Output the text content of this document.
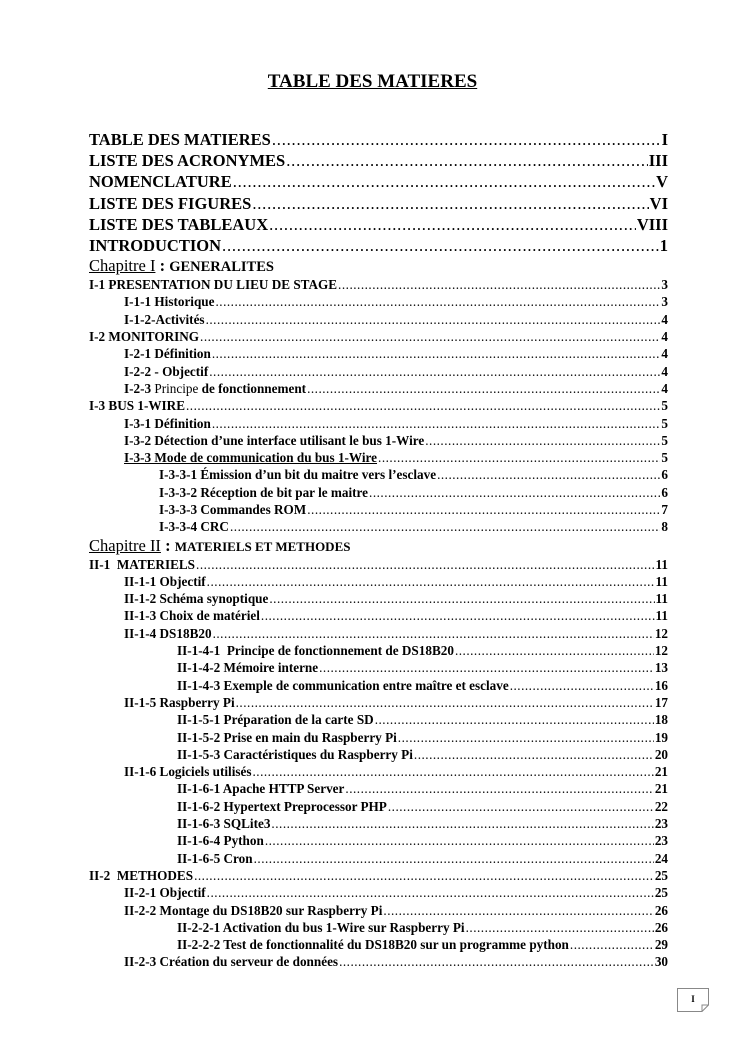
TABLE DES MATIERES
TABLE DES MATIERES .....	I
LISTE DES ACRONYMES .....	III
NOMENCLATURE .....	V
LISTE DES FIGURES .....	VI
LISTE DES TABLEAUX .....	VIII
INTRODUCTION .....	1
Chapitre I : GENERALITES
I-1 PRESENTATION DU LIEU DE STAGE .....	3
I-1-1 Historique .....	3
I-1-2-Activités .....	4
I-2 MONITORING .....	4
I-2-1 Définition .....	4
I-2-2 - Objectif .....	4
I-2-3 Principe de fonctionnement .....	4
I-3 BUS 1-WIRE .....	5
I-3-1 Définition .....	5
I-3-2 Détection d’une interface utilisant le bus 1-Wire .....	5
I-3-3 Mode de communication du bus 1-Wire .....	5
I-3-3-1 Émission d’un bit du maitre vers l’esclave .....	6
I-3-3-2 Réception de bit par le maitre .....	6
I-3-3-3 Commandes ROM .....	7
I-3-3-4 CRC .....	8
Chapitre II : MATERIELS ET METHODES
II-1  MATERIELS .....	11
II-1-1 Objectif .....	11
II-1-2 Schéma synoptique .....	11
II-1-3 Choix de matériel .....	11
II-1-4 DS18B20 .....	12
II-1-4-1  Principe de fonctionnement de DS18B20 .....	12
II-1-4-2 Mémoire interne .....	13
II-1-4-3 Exemple de communication entre maître et esclave .....	16
II-1-5 Raspberry Pi .....	17
II-1-5-1 Préparation de la carte SD .....	18
II-1-5-2 Prise en main du Raspberry Pi .....	19
II-1-5-3 Caractéristiques du Raspberry Pi .....	20
II-1-6 Logiciels utilisés .....	21
II-1-6-1 Apache HTTP Server .....	21
II-1-6-2 Hypertext Preprocessor PHP .....	22
II-1-6-3 SQLite3 .....	23
II-1-6-4 Python .....	23
II-1-6-5 Cron .....	24
II-2  METHODES .....	25
II-2-1 Objectif .....	25
II-2-2 Montage du DS18B20 sur Raspberry Pi .....	26
II-2-2-1 Activation du bus 1-Wire sur Raspberry Pi .....	26
II-2-2-2 Test de fonctionnalité du DS18B20 sur un programme python .....	29
II-2-3 Création du serveur de données .....	30
I
